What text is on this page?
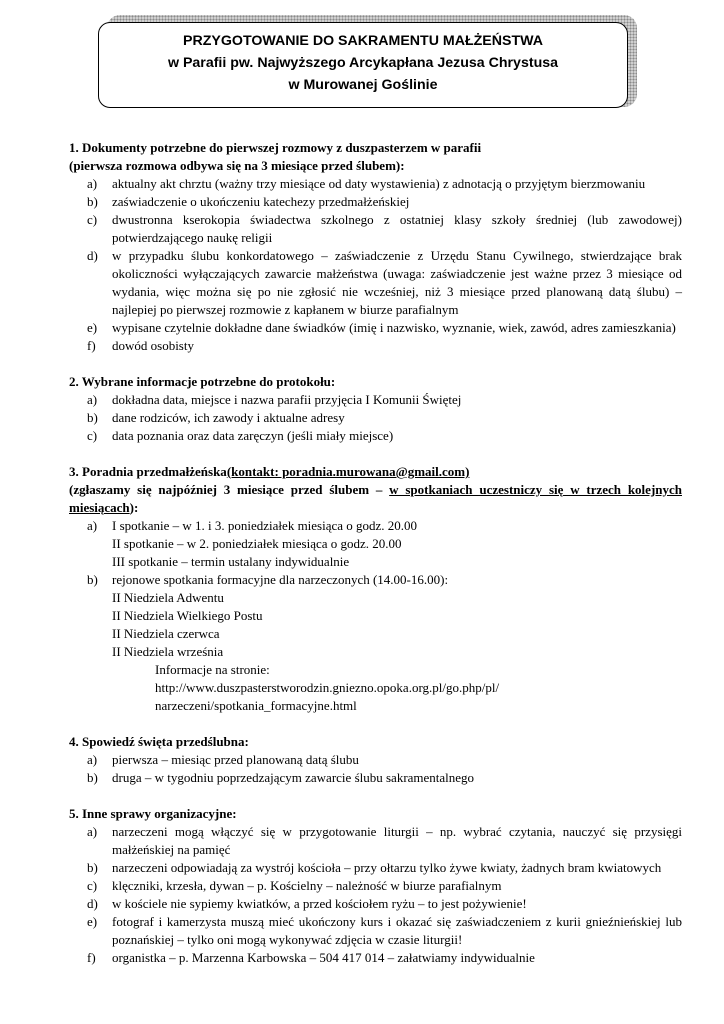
PRZYGOTOWANIE DO SAKRAMENTU MAŁŻEŃSTWA
w Parafii pw. Najwyższego Arcykapłana Jezusa Chrystusa
w Murowanej Goślinie
1. Dokumenty potrzebne do pierwszej rozmowy z duszpasterzem w parafii
(pierwsza rozmowa odbywa się na 3 miesiące przed ślubem):
a) aktualny akt chrztu (ważny trzy miesiące od daty wystawienia) z adnotacją o przyjętym bierzmowaniu
b) zaświadczenie o ukończeniu katechezy przedmałżeńskiej
c) dwustronna kserokopia świadectwa szkolnego z ostatniej klasy szkoły średniej (lub zawodowej) potwierdzającego naukę religii
d) w przypadku ślubu konkordatowego – zaświadczenie z Urzędu Stanu Cywilnego, stwierdzające brak okoliczności wyłączających zawarcie małżeństwa (uwaga: zaświadczenie jest ważne przez 3 miesiące od wydania, więc można się po nie zgłosić nie wcześniej, niż 3 miesiące przed planowaną datą ślubu) – najlepiej po pierwszej rozmowie z kapłanem w biurze parafialnym
e) wypisane czytelnie dokładne dane świadków (imię i nazwisko, wyznanie, wiek, zawód, adres zamieszkania)
f) dowód osobisty
2. Wybrane informacje potrzebne do protokołu:
a) dokładna data, miejsce i nazwa parafii przyjęcia I Komunii Świętej
b) dane rodziców, ich zawody i aktualne adresy
c) data poznania oraz data zaręczyn (jeśli miały miejsce)
3. Poradnia przedmałżeńska(kontakt: poradnia.murowana@gmail.com)
(zgłaszamy się najpóźniej 3 miesiące przed ślubem – w spotkaniach uczestniczy się w trzech kolejnych miesiącach):
a) I spotkanie – w 1. i 3. poniedziałek miesiąca o godz. 20.00
II spotkanie – w 2. poniedziałek miesiąca o godz. 20.00
III spotkanie – termin ustalany indywidualnie
b) rejonowe spotkania formacyjne dla narzeczonych (14.00-16.00):
II Niedziela Adwentu
II Niedziela Wielkiego Postu
II Niedziela czerwca
II Niedziela września
Informacje na stronie:
http://www.duszpasterstworodzin.gniezno.opoka.org.pl/go.php/pl/
narzeczeni/spotkania_formacyjne.html
4. Spowiedź święta przedślubna:
a) pierwsza – miesiąc przed planowaną datą ślubu
b) druga – w tygodniu poprzedzającym zawarcie ślubu sakramentalnego
5. Inne sprawy organizacyjne:
a) narzeczeni mogą włączyć się w przygotowanie liturgii – np. wybrać czytania, nauczyć się przysięgi małżeńskiej na pamięć
b) narzeczeni odpowiadają za wystrój kościoła – przy ołtarzu tylko żywe kwiaty, żadnych bram kwiatowych
c) klęczniki, krzesła, dywan – p. Kościelny – należność w biurze parafialnym
d) w kościele nie sypiemy kwiatków, a przed kościołem ryżu – to jest pożywienie!
e) fotograf i kamerzysta muszą mieć ukończony kurs i okazać się zaświadczeniem z kurii gnieźnieńskiej lub poznańskiej – tylko oni mogą wykonywać zdjęcia w czasie liturgii!
f) organistka – p. Marzenna Karbowska – 504 417 014 – załatwiamy indywidualnie
